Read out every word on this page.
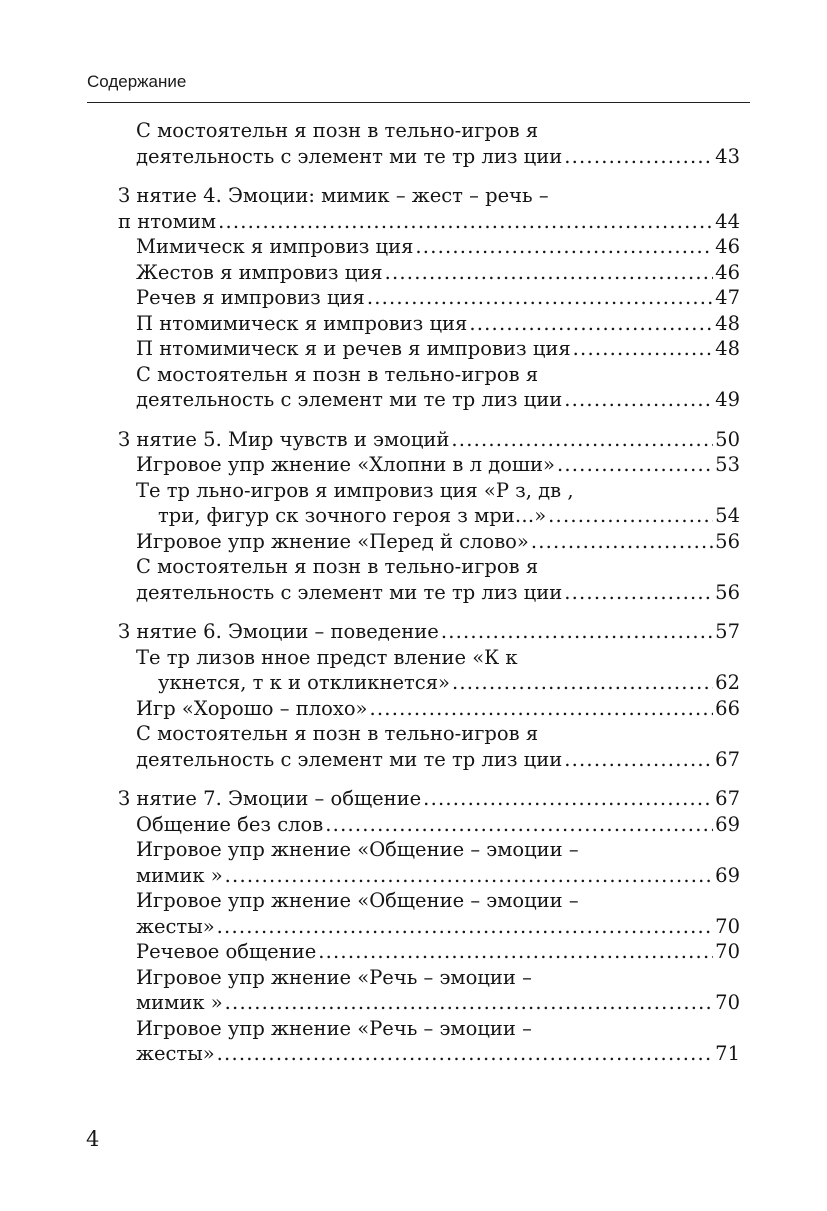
Содержание
С мостоятельн я позн в тельно-игров я
деятельность с элемент ми те тр лиз ции .....	43
З нятие 4. Эмоции: мимик – жест – речь –
п нтомим .....	44
Мимическ я импровиз ция .....	46
Жестов я импровиз ция .....	46
Речев я импровиз ция .....	47
П нтомимическ я импровиз ция .....	48
П нтомимическ я и речев я импровиз ция .....	48
С мостоятельн я позн в тельно-игров я
деятельность с элемент ми те тр лиз ции .....	49
З нятие 5. Мир чувств и эмоций .....	50
Игровое упр жнение «Хлопни в л доши» .....	53
Те тр льно-игров я импровиз ция «Р з, дв ,
три, фигур ск зочного героя з мри…» .....	54
Игровое упр жнение «Перед й слово» .....	56
С мостоятельн я позн в тельно-игров я
деятельность с элемент ми те тр лиз ции .....	56
З нятие 6. Эмоции – поведение .....	57
Те тр лизов нное предст вление «К к
укнется, т к и откликнется» .....	62
Игр «Хорошо – плохо» .....	66
С мостоятельн я позн в тельно-игров я
деятельность с элемент ми те тр лиз ции .....	67
З нятие 7. Эмоции – общение .....	67
Общение без слов .....	69
Игровое упр жнение «Общение – эмоции –
мимик » .....	69
Игровое упр жнение «Общение – эмоции –
жесты» .....	70
Речевое общение .....	70
Игровое упр жнение «Речь – эмоции –
мимик » .....	70
Игровое упр жнение «Речь – эмоции –
жесты» .....	71
4
